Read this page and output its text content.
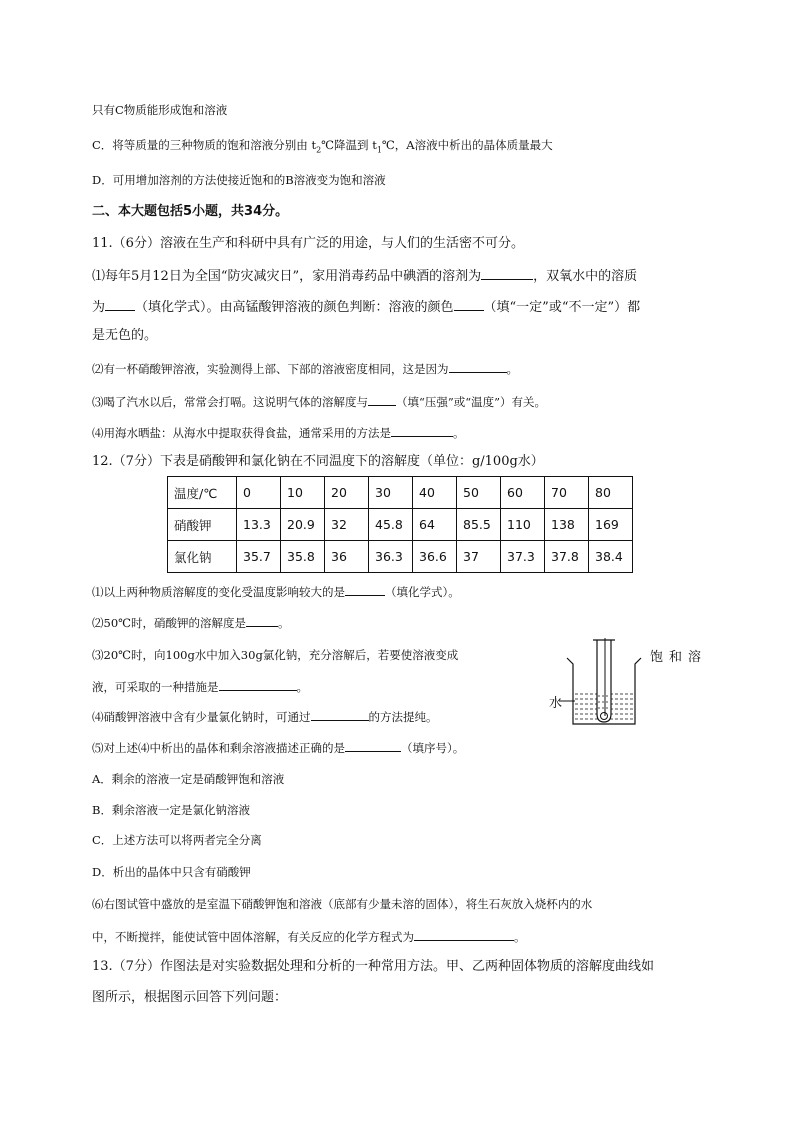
只有C物质能形成饱和溶液
C．将等质量的三种物质的饱和溶液分别由 $t_2℃$降温到 $t_1℃$，A溶液中析出的晶体质量最大
D．可用增加溶剂的方法使接近饱和的B溶液变为饱和溶液
二、本大题包括5小题，共34分。
11.（6分）溶液在生产和科研中具有广泛的用途，与人们的生活密不可分。
⑴每年5月12日为全国“防灾减灾日”，家用消毒药品中碘酒的溶剂为	，双氧水中的溶质
为 （填化学式）。由高锰酸钾溶液的颜色判断：溶液的颜色 （填“一定”或“不一定”）都
是无色的。
⑵有一杯硝酸钾溶液，实验测得上部、下部的溶液密度相同，这是因为	。
⑶喝了汽水以后，常常会打嗝。这说明气体的溶解度与 （填“压强”或“温度”）有关。
⑷用海水晒盐：从海水中提取获得食盐，通常采用的方法是	。
12.（7分）下表是硝酸钾和氯化钠在不同温度下的溶解度（单位：g/100g水）
温度/℃	0	10	20	30	40	50	60	70	80
硝酸钾	13.3	20.9	32	45.8	64	85.5	110	138	169
氯化钠	35.7	35.8	36	36.3	36.6	37	37.3	37.8	38.4
⑴以上两种物质溶解度的变化受温度影响较大的是	（填化学式）。
⑵50℃时，硝酸钾的溶解度是	。
⑶20℃时，向100g水中加入30g氯化钠，充分溶解后，若要使溶液变成	饱和溶
液，可采取的一种措施是	。
⑷硝酸钾溶液中含有少量氯化钠时，可通过	的方法提纯。
⑸对上述⑷中析出的晶体和剩余溶液描述正确的是	（填序号）。
A．剩余的溶液一定是硝酸钾饱和溶液
B．剩余溶液一定是氯化钠溶液
C．上述方法可以将两者完全分离
D．析出的晶体中只含有硝酸钾
⑹右图试管中盛放的是室温下硝酸钾饱和溶液（底部有少量未溶的固体），将生石灰放入烧杯内的水
中，不断搅拌，能使试管中固体溶解，有关反应的化学方程式为	。
13.（7分）作图法是对实验数据处理和分析的一种常用方法。甲、乙两种固体物质的溶解度曲线如
图所示，根据图示回答下列问题：
水
